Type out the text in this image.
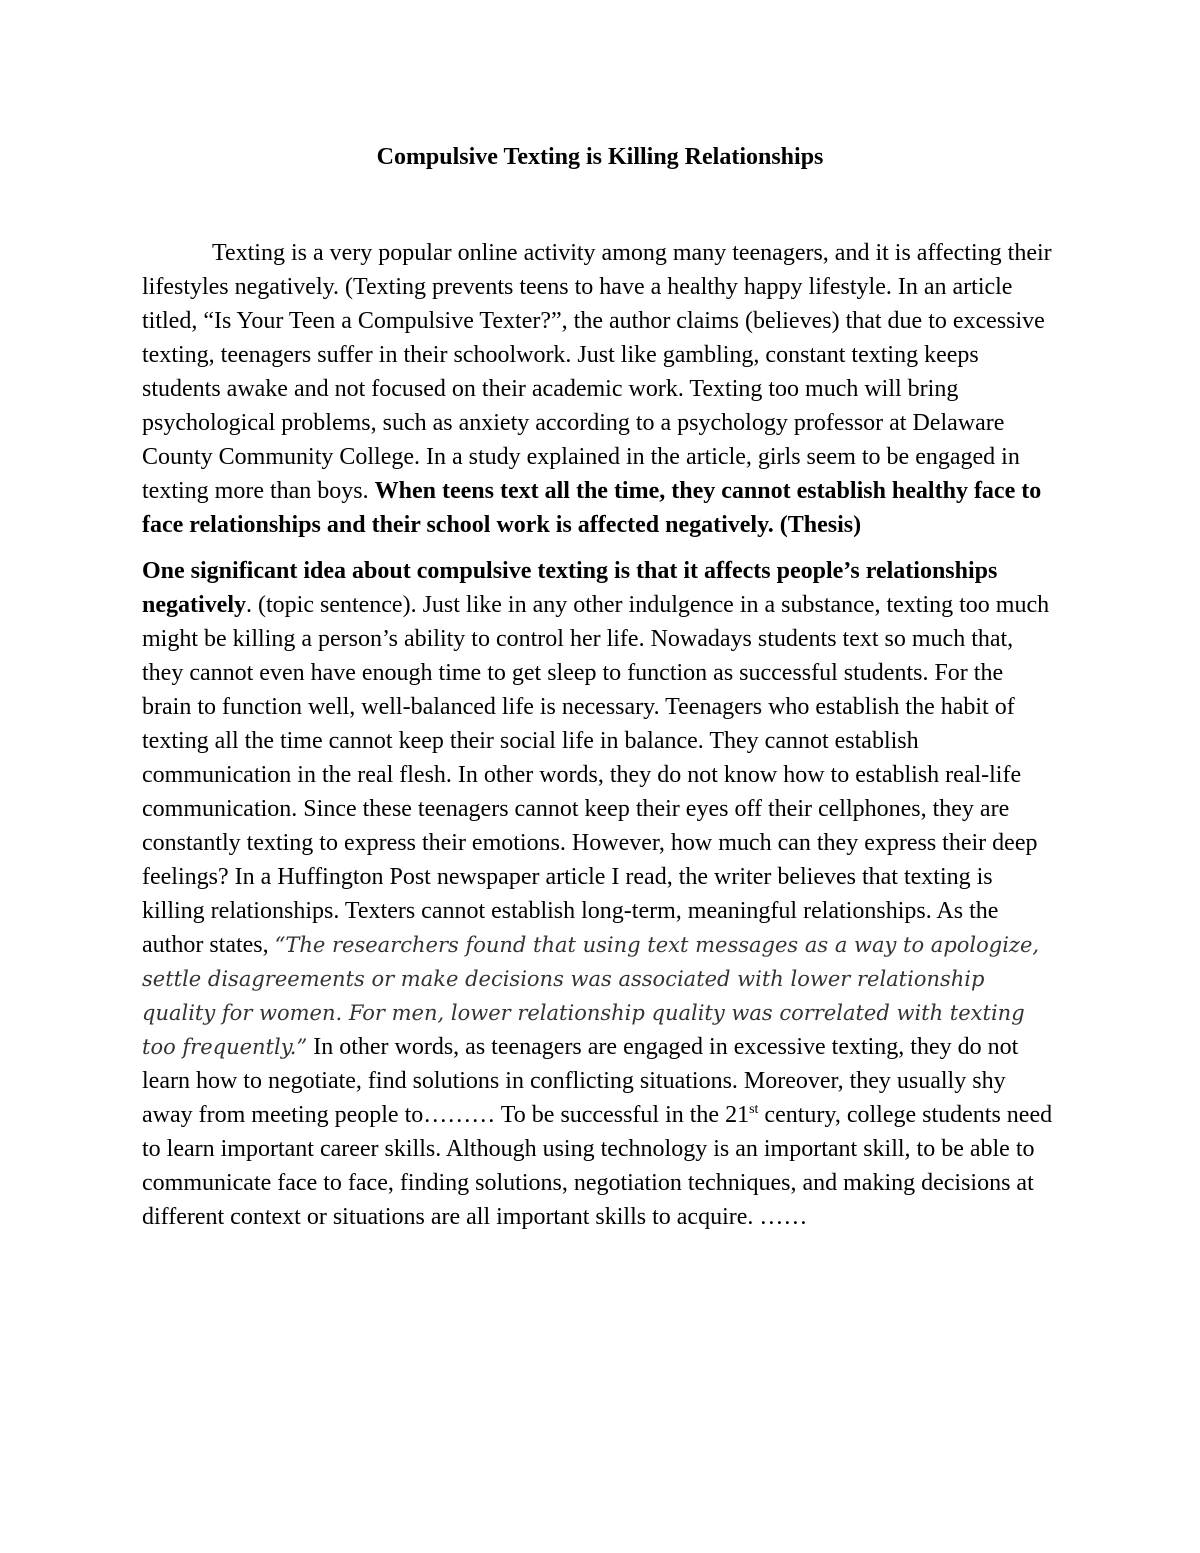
Compulsive Texting is Killing Relationships

Texting is a very popular online activity among many teenagers, and it is affecting their lifestyles negatively. (Texting prevents teens to have a healthy happy lifestyle. In an article titled, “Is Your Teen a Compulsive Texter?”, the author claims (believes) that due to excessive texting, teenagers suffer in their schoolwork. Just like gambling, constant texting keeps students awake and not focused on their academic work. Texting too much will bring psychological problems, such as anxiety according to a psychology professor at Delaware County Community College. In a study explained in the article, girls seem to be engaged in texting more than boys. When teens text all the time, they cannot establish healthy face to face relationships and their school work is affected negatively. (Thesis)

One significant idea about compulsive texting is that it affects people’s relationships negatively. (topic sentence). Just like in any other indulgence in a substance, texting too much might be killing a person’s ability to control her life. Nowadays students text so much that, they cannot even have enough time to get sleep to function as successful students. For the brain to function well, well-balanced life is necessary. Teenagers who establish the habit of texting all the time cannot keep their social life in balance. They cannot establish communication in the real flesh. In other words, they do not know how to establish real-life communication. Since these teenagers cannot keep their eyes off their cellphones, they are constantly texting to express their emotions. However, how much can they express their deep feelings? In a Huffington Post newspaper article I read, the writer believes that texting is killing relationships. Texters cannot establish long-term, meaningful relationships. As the author states, “The researchers found that using text messages as a way to apologize, settle disagreements or make decisions was associated with lower relationship quality for women. For men, lower relationship quality was correlated with texting too frequently.” In other words, as teenagers are engaged in excessive texting, they do not learn how to negotiate, find solutions in conflicting situations. Moreover, they usually shy away from meeting people to……… To be successful in the 21st century, college students need to learn important career skills. Although using technology is an important skill, to be able to communicate face to face, finding solutions, negotiation techniques, and making decisions at different context or situations are all important skills to acquire. ……
